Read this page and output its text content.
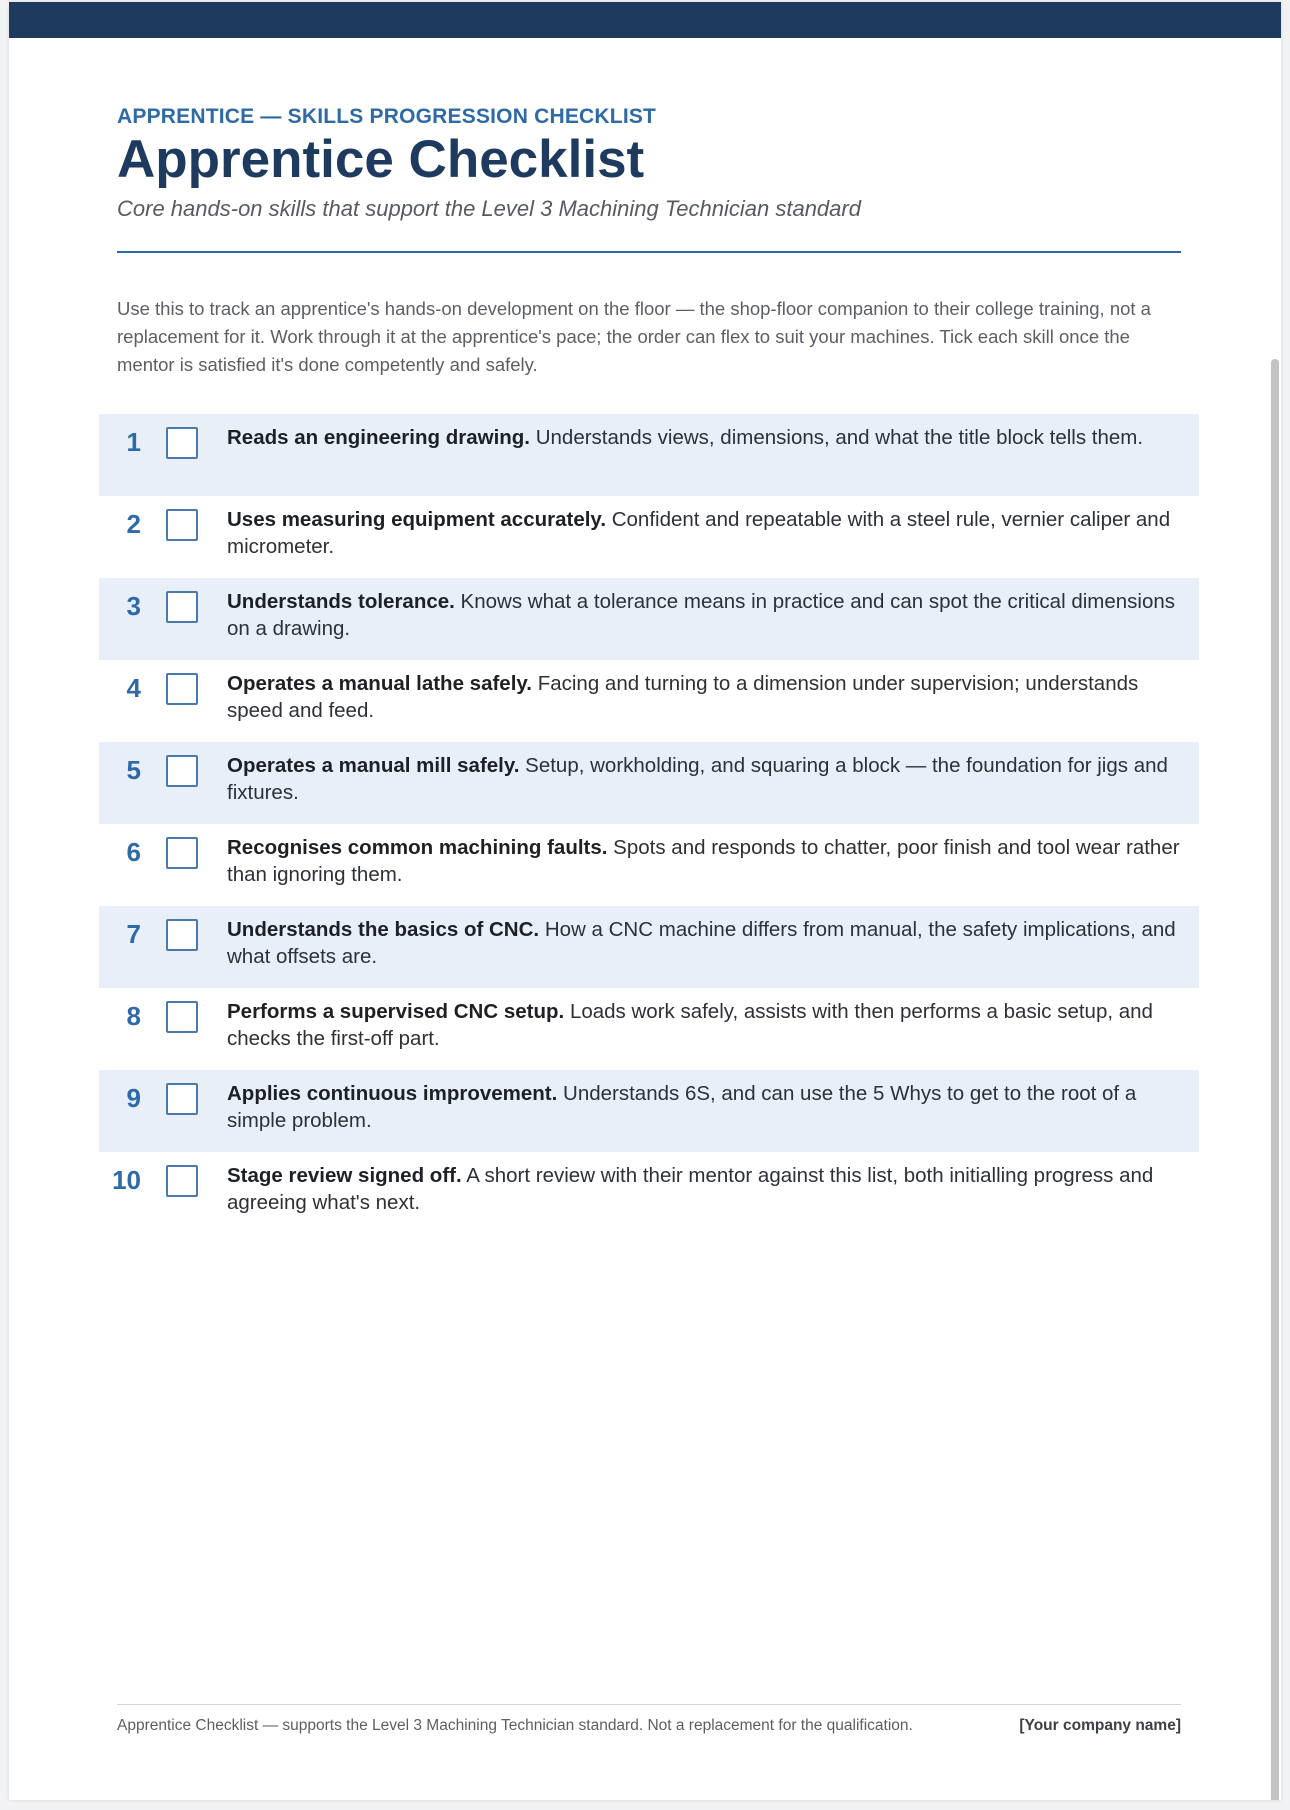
APPRENTICE — SKILLS PROGRESSION CHECKLIST
Apprentice Checklist
Core hands-on skills that support the Level 3 Machining Technician standard
Use this to track an apprentice's hands-on development on the floor — the shop-floor companion to their college training, not a replacement for it. Work through it at the apprentice's pace; the order can flex to suit your machines. Tick each skill once the mentor is satisfied it's done competently and safely.
1	Reads an engineering drawing. Understands views, dimensions, and what the title block tells them.
2	Uses measuring equipment accurately. Confident and repeatable with a steel rule, vernier caliper and micrometer.
3	Understands tolerance. Knows what a tolerance means in practice and can spot the critical dimensions on a drawing.
4	Operates a manual lathe safely. Facing and turning to a dimension under supervision; understands speed and feed.
5	Operates a manual mill safely. Setup, workholding, and squaring a block — the foundation for jigs and fixtures.
6	Recognises common machining faults. Spots and responds to chatter, poor finish and tool wear rather than ignoring them.
7	Understands the basics of CNC. How a CNC machine differs from manual, the safety implications, and what offsets are.
8	Performs a supervised CNC setup. Loads work safely, assists with then performs a basic setup, and checks the first-off part.
9	Applies continuous improvement. Understands 6S, and can use the 5 Whys to get to the root of a simple problem.
10	Stage review signed off. A short review with their mentor against this list, both initialling progress and agreeing what's next.
Apprentice Checklist — supports the Level 3 Machining Technician standard. Not a replacement for the qualification.	[Your company name]
